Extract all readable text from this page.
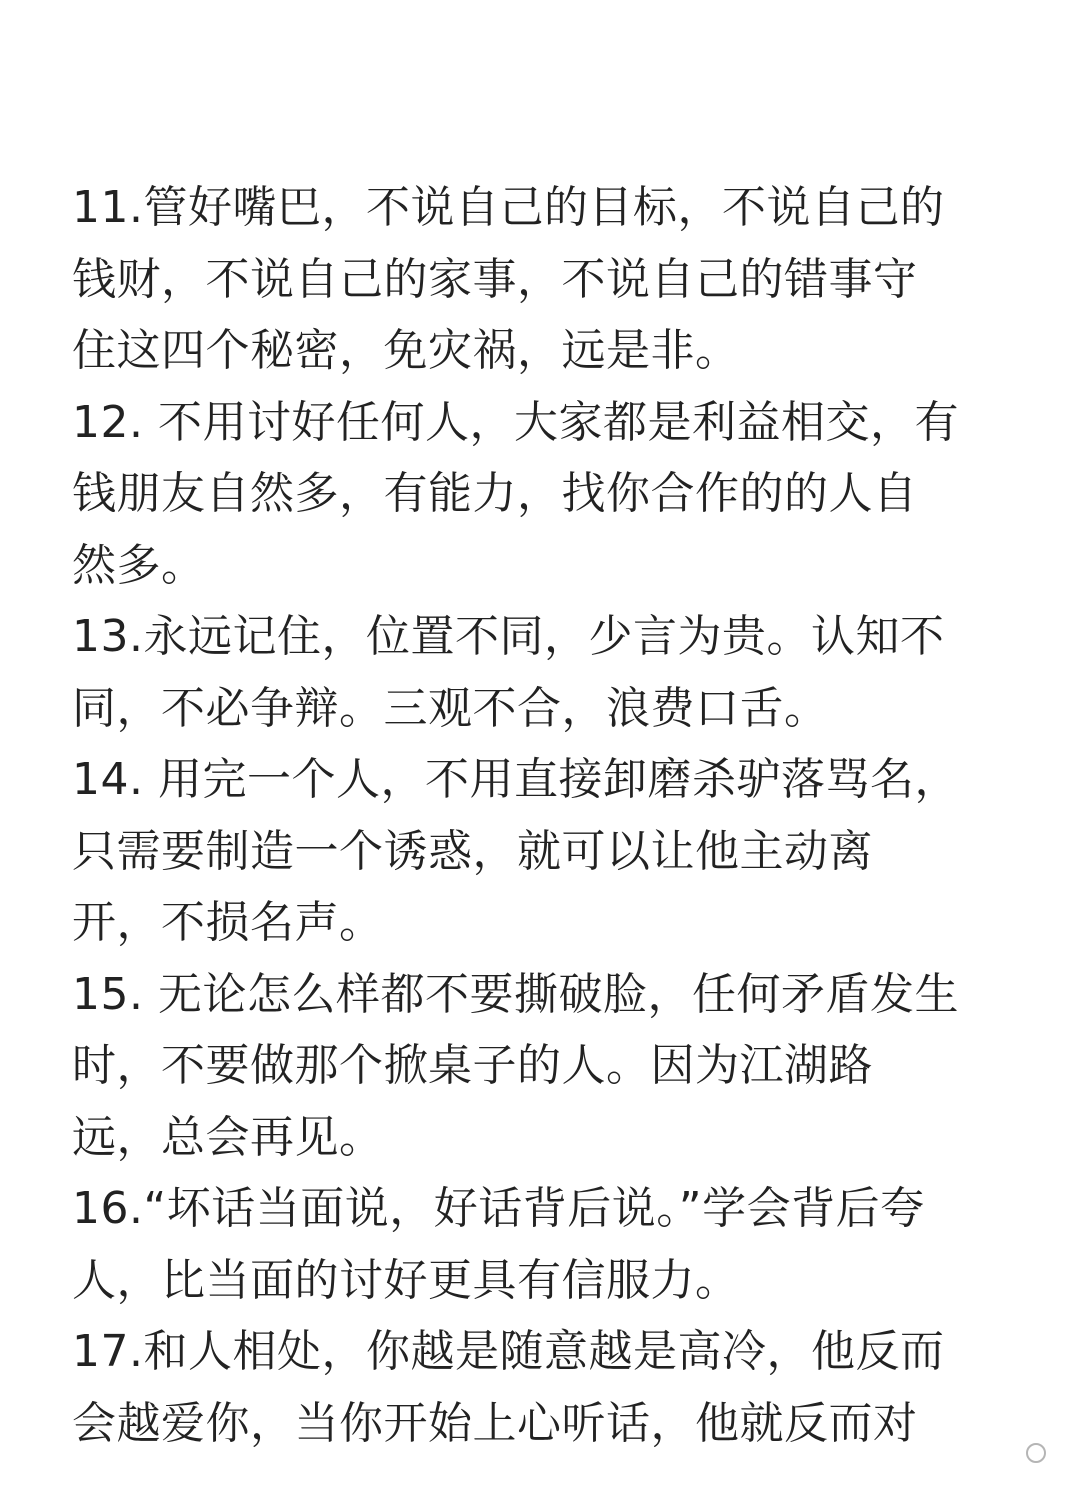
11.管好嘴巴，不说自己的目标，不说自己的
钱财，不说自己的家事，不说自己的错事守
住这四个秘密，免灾祸，远是非。
12. 不用讨好任何人，大家都是利益相交，有
钱朋友自然多，有能力，找你合作的的人自
然多。
13.永远记住，位置不同，少言为贵。认知不
同，不必争辩。三观不合，浪费口舌。
14. 用完一个人，不用直接卸磨杀驴落骂名，
只需要制造一个诱惑，就可以让他主动离
开，不损名声。
15. 无论怎么样都不要撕破脸，任何矛盾发生
时，不要做那个掀桌子的人。因为江湖路
远，总会再见。
16.“坏话当面说，好话背后说。”学会背后夸
人，比当面的讨好更具有信服力。
17.和人相处，你越是随意越是高冷，他反而
会越爱你，当你开始上心听话，他就反而对
